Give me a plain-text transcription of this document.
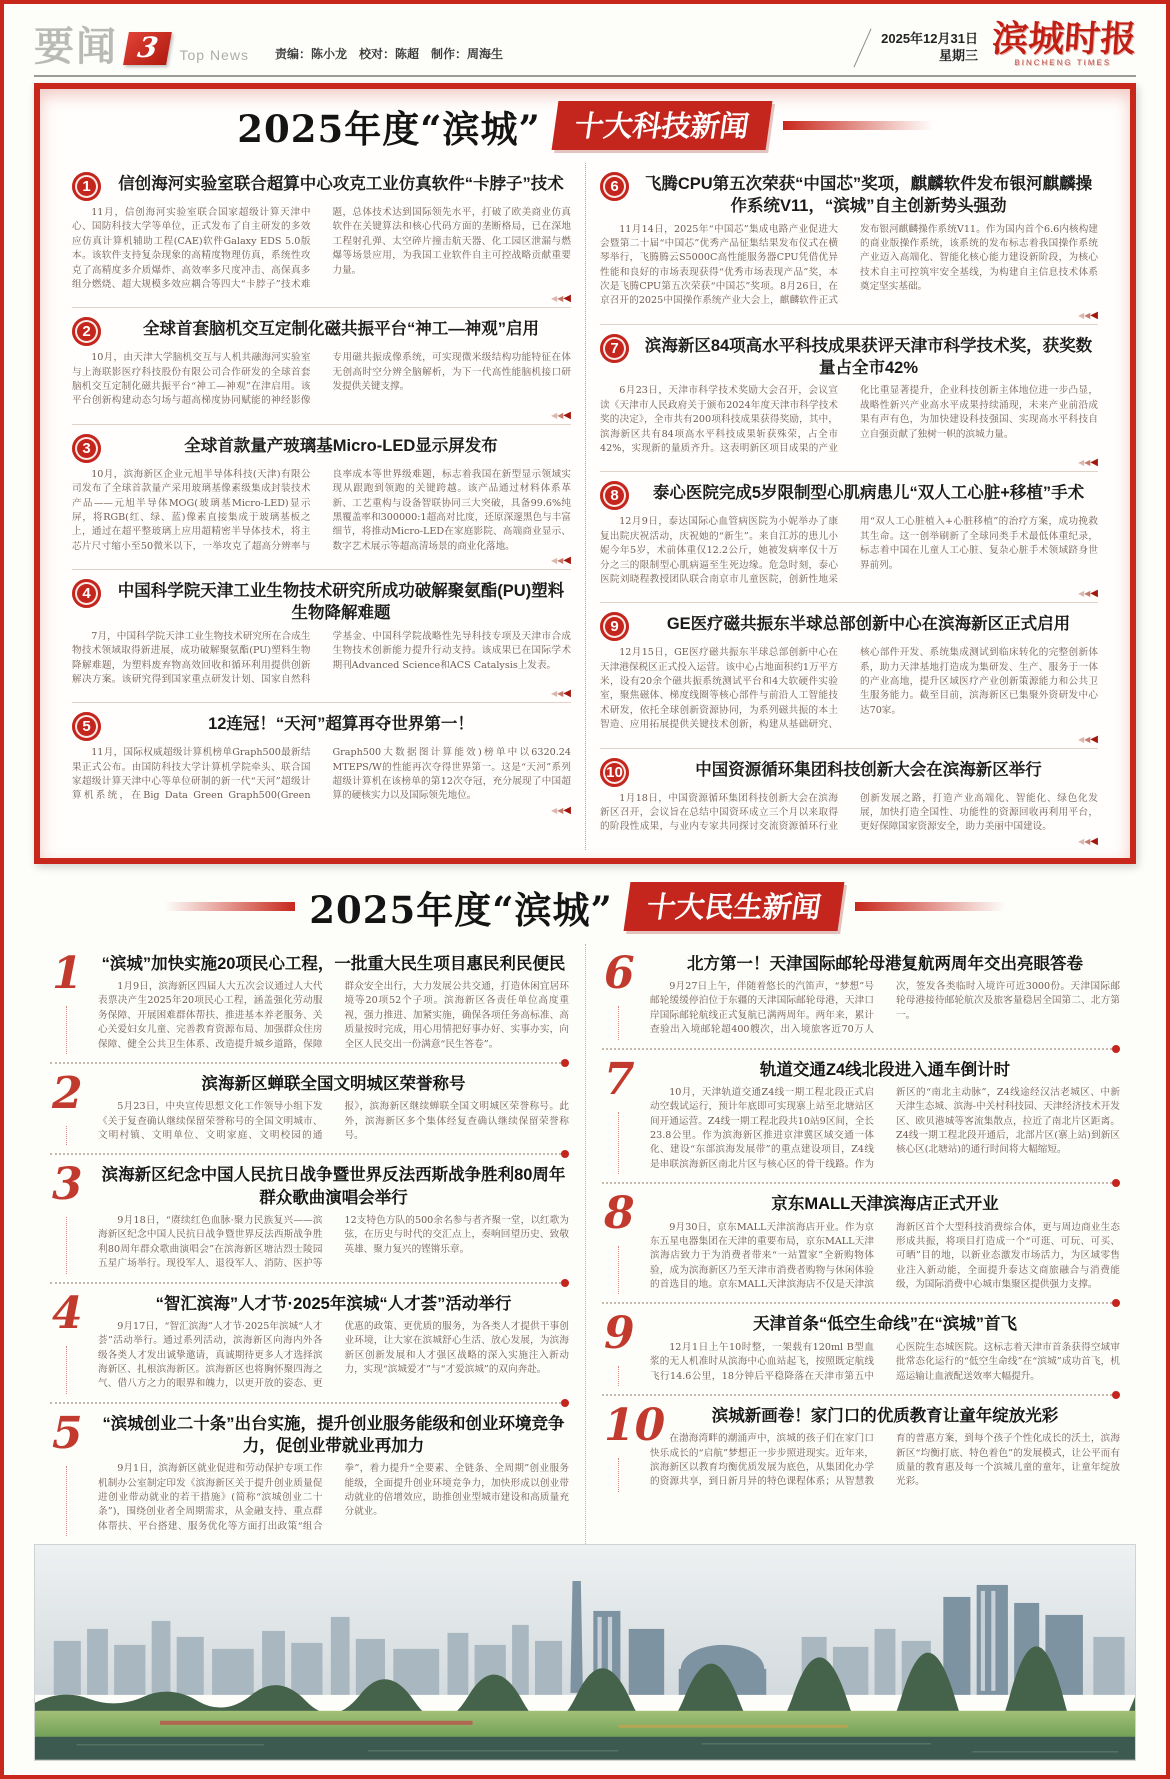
要闻 3	Top News 责编：陈小龙　校对：陈超　制作：周海生
2025年12月31日
星期三 滨城时报
BINCHENG TIMES
2025年度“滨城”	十大科技新闻
1	信创海河实验室联合超算中心攻克工业仿真软件“卡脖子”技术

11月，信创海河实验室联合国家超级计算天津中心、国防科技大学等单位，正式发布了自主研发的多效应仿真计算机辅助工程(CAE)软件Galaxy EDS 5.0版本。该软件支持复杂现象的高精度物理仿真，系统性攻克了高精度多介质爆炸、高效率多尺度冲击、高保真多组分燃烧、超大规模多效应耦合等四大“卡脖子”技术难题，总体技术达到国际领先水平，打破了欧美商业仿真软件在关键算法和核心代码方面的垄断格局，已在深地工程射孔弹、太空碎片撞击航天器、化工园区泄漏与燃爆等场景应用，为我国工业软件自主可控战略贡献重要力量。

◀◀◀
2	全球首套脑机交互定制化磁共振平台“神工—神观”启用

10月，由天津大学脑机交互与人机共融海河实验室与上海联影医疗科技股份有限公司合作研发的全球首套脑机交互定制化磁共振平台“神工—神观”在津启用。该平台创新构建动态匀场与超高梯度协同赋能的神经影像专用磁共振成像系统，可实现微米级结构功能特征在体无创高时空分辨全脑解析，为下一代高性能脑机接口研发提供关键支撑。

◀◀◀
3	全球首款量产玻璃基Micro-LED显示屏发布

10月，滨海新区企业元旭半导体科技(天津)有限公司发布了全球首款量产采用玻璃基像素级集成封装技术产品——元旭半导体MOG(玻璃基Micro-LED)显示屏，将RGB(红、绿、蓝)像素直接集成于玻璃基板之上，通过在超平整玻璃上应用超精密半导体技术，将主芯片尺寸缩小至50微米以下，一举攻克了超高分辨率与良率成本等世界级难题，标志着我国在新型显示领域实现从跟跑到领跑的关键跨越。该产品通过材料体系革新、工艺重构与设备智联协同三大突破，具备99.6%纯黑覆盖率和300000:1超高对比度，还原深邃黑色与丰富细节，将推动Micro-LED在家庭影院、高端商业显示、数字艺术展示等超高清场景的商业化落地。

◀◀◀
4	中国科学院天津工业生物技术研究所成功破解聚氨酯(PU)塑料生物降解难题

7月，中国科学院天津工业生物技术研究所在合成生物技术领域取得新进展，成功破解聚氨酯(PU)塑料生物降解难题，为塑料废弃物高效回收和循环利用提供创新解决方案。该研究得到国家重点研发计划、国家自然科学基金、中国科学院战略性先导科技专项及天津市合成生物技术创新能力提升行动支持。该成果已在国际学术期刊Advanced Science和ACS Catalysis上发表。

◀◀◀
5	12连冠！“天河”超算再夺世界第一！

11月，国际权威超级计算机榜单Graph500最新结果正式公布。由国防科技大学计算机学院牵头、联合国家超级计算天津中心等单位研制的新一代“天河”超级计算机系统，在Big Data Green Graph500(Green Graph500大数据图计算能效)榜单中以6320.24 MTEPS/W的性能再次夺得世界第一。这是“天河”系列超级计算机在该榜单的第12次夺冠，充分展现了中国超算的硬核实力以及国际领先地位。

◀◀◀
6	飞腾CPU第五次荣获“中国芯”奖项，麒麟软件发布银河麒麟操作系统V11，“滨城”自主创新势头强劲

11月14日，2025年“中国芯”集成电路产业促进大会暨第二十届“中国芯”优秀产品征集结果发布仪式在横琴举行，飞腾腾云S5000C高性能服务器CPU凭借优异性能和良好的市场表现获得“优秀市场表现产品”奖，本次是飞腾CPU第五次荣获“中国芯”奖项。8月26日，在京召开的2025中国操作系统产业大会上，麒麟软件正式发布银河麒麟操作系统V11。作为国内首个6.6内核构建的商业版操作系统，该系统的发布标志着我国操作系统产业迈入高端化、智能化核心能力建设新阶段，为核心技术自主可控筑牢安全基线，为构建自主信息技术体系奠定坚实基础。

◀◀◀
7	滨海新区84项高水平科技成果获评天津市科学技术奖，获奖数量占全市42%

6月23日，天津市科学技术奖励大会召开，会议宣读《天津市人民政府关于颁布2024年度天津市科学技术奖的决定》，全市共有200项科技成果获得奖励，其中，滨海新区共有84项高水平科技成果斩获殊荣，占全市42%，实现新的量质齐升。这表明新区项目成果的产业化比重显著提升，企业科技创新主体地位进一步凸显，战略性新兴产业高水平成果持续涌现，未来产业前沿成果有声有色，为加快建设科技强国、实现高水平科技自立自强贡献了独树一帜的滨城力量。

◀◀◀
8	泰心医院完成5岁限制型心肌病患儿“双人工心脏+移植”手术

12月9日，泰达国际心血管病医院为小妮举办了康复出院庆祝活动，庆祝她的“新生”。来自江苏的患儿小妮今年5岁，术前体重仅12.2公斤，她被发病率仅十万分之三的限制型心肌病逼至生死边缘。危急时刻，泰心医院刘晓程教授团队联合南京市儿童医院，创新性地采用“双人工心脏植入+心脏移植”的治疗方案，成功挽救其生命。这一创举刷新了全球同类手术最低体重纪录，标志着中国在儿童人工心脏、复杂心脏手术领域跻身世界前列。

◀◀◀
9	GE医疗磁共振东半球总部创新中心在滨海新区正式启用

12月15日，GE医疗磁共振东半球总部创新中心在天津港保税区正式投入运营。该中心占地面积约1万平方米，设有20余个磁共振系统测试平台和4大软硬件实验室，聚焦磁体、梯度线圈等核心部件与前沿人工智能技术研发，依托全球创新资源协同，为系列磁共振的本土智造、应用拓展提供关键技术创新，构建从基础研究、核心部件开发、系统集成测试到临床转化的完整创新体系，助力天津基地打造成为集研发、生产、服务于一体的产业高地，提升区域医疗产业创新策源能力和公共卫生服务能力。截至目前，滨海新区已集聚外资研发中心达70家。

◀◀◀
10	中国资源循环集团科技创新大会在滨海新区举行

1月18日，中国资源循环集团科技创新大会在滨海新区召开，会议旨在总结中国资环成立三个月以来取得的阶段性成果，与业内专家共同探讨交流资源循环行业创新发展之路，打造产业高端化、智能化、绿色化发展，加快打造全国性、功能性的资源回收再利用平台，更好保障国家资源安全，助力美丽中国建设。

◀◀◀
2025年度“滨城”	十大民生新闻
1 “滨城”加快实施20项民心工程，一批重大民生项目惠民利民便民

1月9日，滨海新区四届人大五次会议通过人大代表票决产生2025年20项民心工程，涵盖强化劳动服务保障、开展困难群体帮扶、推进基本养老服务、关心关爱妇女儿童、完善教育资源布局、加强群众住房保障、健全公共卫生体系、改造提升城乡道路，保障群众安全出行，大力发展公共交通，打造休闲宜居环境等20项52个子项。滨海新区各责任单位高度重视，强力推进、加紧实施，确保各项任务高标准、高质量按时完成，用心用情把好事办好、实事办实，向全区人民交出一份满意“民生答卷”。

2	滨海新区蝉联全国文明城区荣誉称号

5月23日，中央宣传思想文化工作领导小组下发《关于复查确认继续保留荣誉称号的全国文明城市、文明村镇、文明单位、文明家庭、文明校园的通报》，滨海新区继续蝉联全国文明城区荣誉称号。此外，滨海新区多个集体经复查确认继续保留荣誉称号。

3 滨海新区纪念中国人民抗日战争暨世界反法西斯战争胜利80周年群众歌曲演唱会举行

9月18日，“赓续红色血脉·聚力民族复兴——滨海新区纪念中国人民抗日战争暨世界反法西斯战争胜利80周年群众歌曲演唱会”在滨海新区塘沽烈士陵园五星广场举行。现役军人、退役军人、消防、医护等12支特色方队的500余名参与者齐聚一堂，以红歌为弦，在历史与时代的交汇点上，奏响回望历史、致敬英雄、聚力复兴的铿锵乐章。

4	“智汇滨海”人才节·2025年滨城“人才荟”活动举行

9月17日，“智汇滨海”人才节·2025年滨城“人才荟”活动举行。通过系列活动，滨海新区向海内外各级各类人才发出诚挚邀请，真诚期待更多人才选择滨海新区、扎根滨海新区。滨海新区也将胸怀聚四海之气、借八方之力的眼界和魄力，以更开放的姿态、更优惠的政策、更优质的服务，为各类人才提供干事创业环境，让大家在滨城舒心生活、放心发展，为滨海新区创新发展和人才强区战略的深入实施注入新动力，实现“滨城爱才”与“才爱滨城”的双向奔赴。

5 “滨城创业二十条”出台实施，提升创业服务能级和创业环境竞争力，促创业带就业再加力

9月1日，滨海新区就业促进和劳动保护专项工作机制办公室制定印发《滨海新区关于提升创业质量促进创业带动就业的若干措施》(简称“滨城创业二十条”)，围绕创业者全周期需求，从金融支持、重点群体帮扶、平台搭建、服务优化等方面打出政策“组合拳”，着力提升“全要素、全链条、全周期”创业服务能级，全面提升创业环境竞争力，加快形成以创业带动就业的倍增效应，助推创业型城市建设和高质量充分就业。

6	北方第一！天津国际邮轮母港复航两周年交出亮眼答卷

9月27日上午，伴随着悠长的汽笛声，“梦想”号邮轮缓缓停泊位于东疆的天津国际邮轮母港，天津口岸国际邮轮航线正式复航已满两周年。两年来，累计查验出入境邮轮超400艘次，出入境旅客近70万人次，签发各类临时入境许可近3000份。天津国际邮轮母港接待邮轮航次及旅客量稳居全国第二、北方第一。

7	轨道交通Z4线北段进入通车倒计时

10月，天津轨道交通Z4线一期工程北段正式启动空载试运行，预计年底即可实现寨上站至北塘站区间开通运营。Z4线一期工程北段共10站9区间，全长23.8公里。作为滨海新区推进京津冀区域交通一体化、建设“东部滨海发展带”的重点建设项目，Z4线是串联滨海新区南北片区与核心区的骨干线路。作为新区的“南北主动脉”，Z4线途经汉沽老城区、中新天津生态城、滨海-中关村科技园、天津经济技术开发区、欧贝港城等客流集散点，拉近了南北片区距离。Z4线一期工程北段开通后，北部片区(寨上站)到新区核心区(北塘站)的通行时间将大幅缩短。

8	京东MALL天津滨海店正式开业

9月30日，京东MALL天津滨海店开业。作为京东五星电器集团在天津的重要布局，京东MALL天津滨海店致力于为消费者带来“一站置家”全新购物体验，成为滨海新区乃至天津市消费者购物与休闲体验的首选目的地。京东MALL天津滨海店不仅是天津滨海新区首个大型科技消费综合体，更与周边商业生态形成共振，将项目打造成一个“可逛、可玩、可买、可晒”目的地，以新业态激发市场活力，为区域零售业注入新动能，全面提升泰达文商旅融合与消费能级，为国际消费中心城市集聚区提供强力支撑。

9	天津首条“低空生命线”在“滨城”首飞

12月1日上午10时整，一架载有120ml B型血浆的无人机准时从滨海中心血站起飞，按照既定航线飞行14.6公里，18分钟后平稳降落在天津市第五中心医院生态城医院。这标志着天津市首条获得空域审批常态化运行的“低空生命线”在“滨城”成功首飞，机巡运输让血液配送效率大幅提升。

10	滨城新画卷！家门口的优质教育让童年绽放光彩

在渤海湾畔的潮涌声中，滨城的孩子们在家门口快乐成长的“启航”梦想正一步步照进现实。近年来，滨海新区以教育均衡优质发展为底色，从集团化办学的资源共享，到日新月异的特色课程体系；从智慧教育的普惠方案，到每个孩子个性化成长的沃土，滨海新区“均衡打底、特色着色”的发展模式，让公平而有质量的教育惠及每一个滨城儿童的童年，让童年绽放光彩。
